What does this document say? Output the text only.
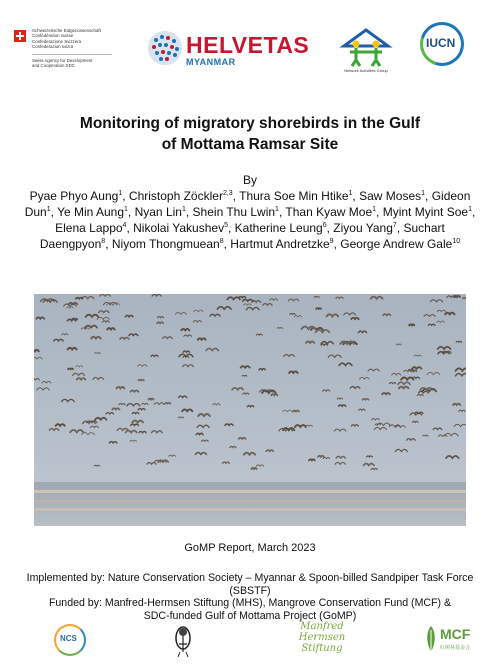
Schweizerische Eidgenossenschaft
Confédération suisse
Confederazione Svizzera
Confederaziun svizra
Swiss Agency for Development
and Cooperation SDC
HELVETAS
MYANMAR
Network Activities Group
IUCN
Monitoring of migratory shorebirds in the Gulf
of Mottama Ramsar Site
By
Pyae Phyo Aung$^1$, Christoph Zöckler$^{2,3}$, Thura Soe Min Htike$^1$, Saw Moses$^1$, Gideon Dun$^1$, Ye Min Aung$^1$, Nyan Lin$^1$, Shein Thu Lwin$^1$, Than Kyaw Moe$^1$, Myint Myint Soe$^1$, Elena Lappo$^4$, Nikolai Yakushev$^5$, Katherine Leung$^6$, Ziyou Yang$^7$, Suchart Daengpyon$^8$, Niyom Thongmuean$^8$, Hartmut Andretzke$^9$, George Andrew Gale$^{10}$
GoMP Report, March 2023
Implemented by: Nature Conservation Society – Myannar & Spoon-billed Sandpiper Task Force (SBSTF)
Funded by: Manfred-Hermsen Stiftung (MHS), Mangrove Conservation Fund (MCF) &
SDC-funded Gulf of Mottama Project (GoMP)
NCS
Manfred
Hermsen
Stiftung
MCF
红树林基金会
